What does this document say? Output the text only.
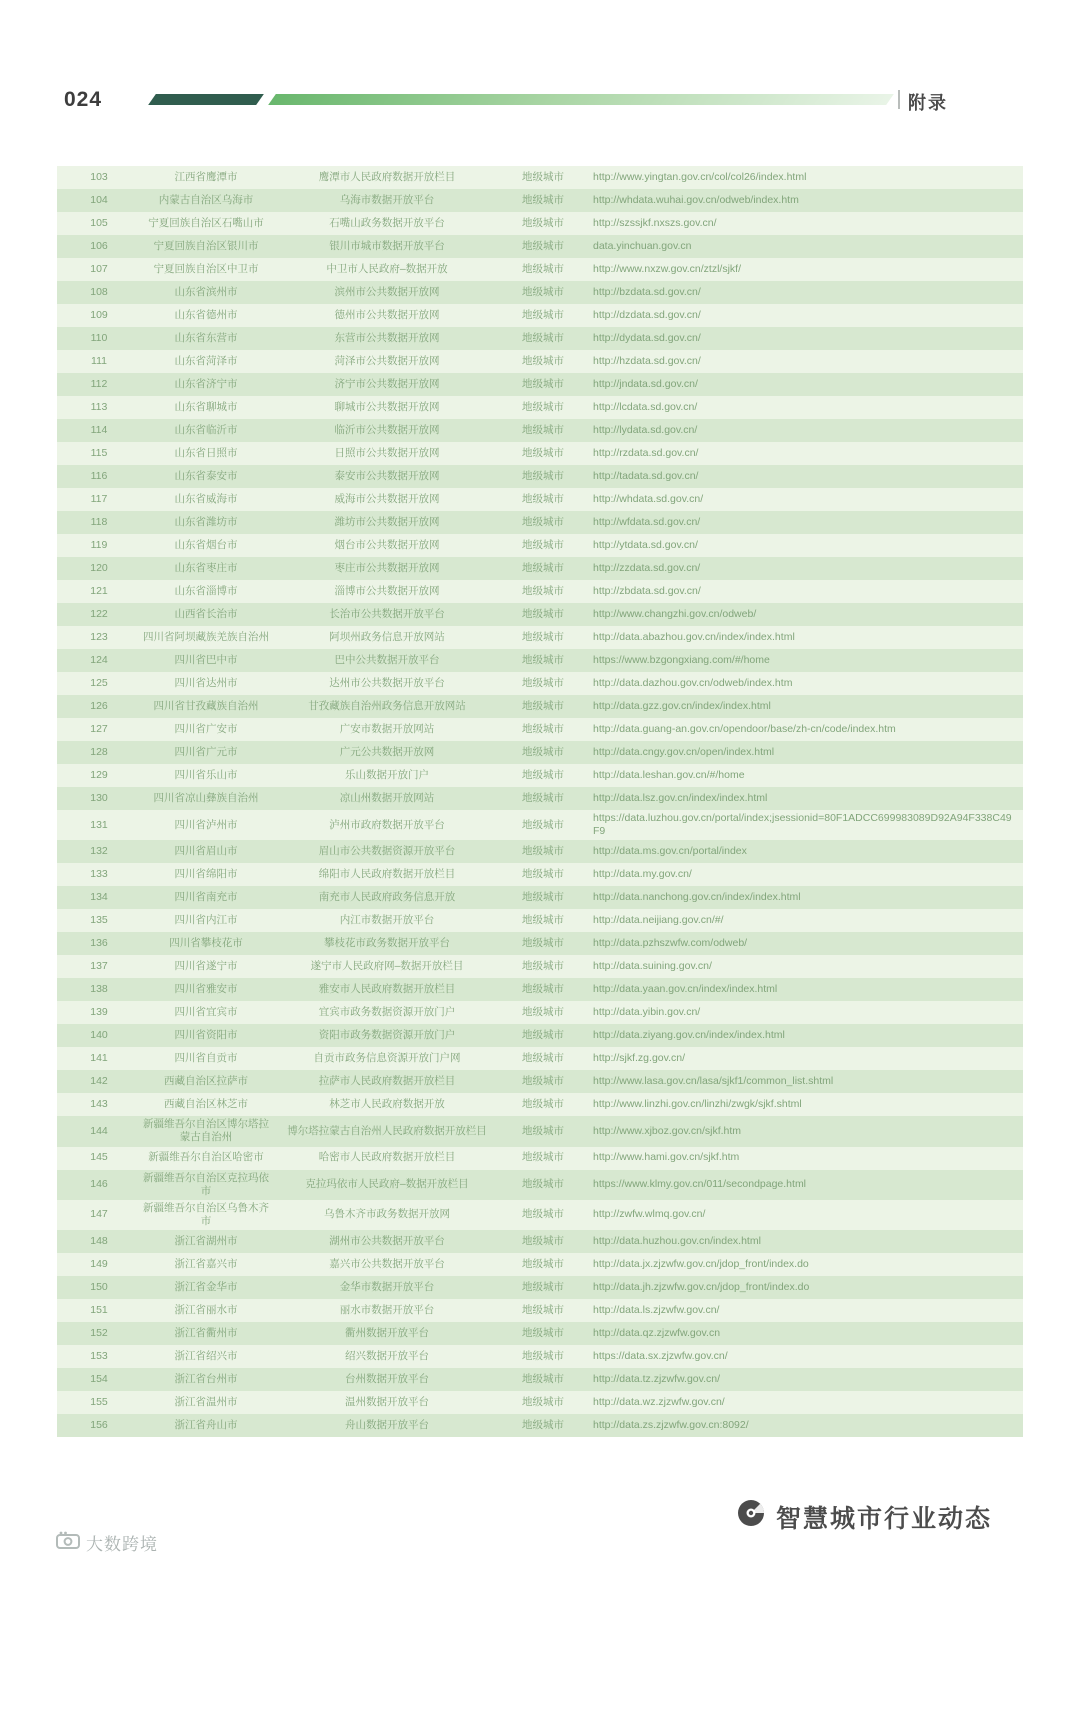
024	附录
103	江西省鹰潭市	鹰潭市人民政府数据开放栏目	地级城市	http://www.yingtan.gov.cn/col/col26/index.html
104	内蒙古自治区乌海市	乌海市数据开放平台	地级城市	http://whdata.wuhai.gov.cn/odweb/index.htm
105	宁夏回族自治区石嘴山市	石嘴山政务数据开放平台	地级城市	http://szssjkf.nxszs.gov.cn/
106	宁夏回族自治区银川市	银川市城市数据开放平台	地级城市	data.yinchuan.gov.cn
107	宁夏回族自治区中卫市	中卫市人民政府–数据开放	地级城市	http://www.nxzw.gov.cn/ztzl/sjkf/
108	山东省滨州市	滨州市公共数据开放网	地级城市	http://bzdata.sd.gov.cn/
109	山东省德州市	德州市公共数据开放网	地级城市	http://dzdata.sd.gov.cn/
110	山东省东营市	东营市公共数据开放网	地级城市	http://dydata.sd.gov.cn/
111	山东省菏泽市	菏泽市公共数据开放网	地级城市	http://hzdata.sd.gov.cn/
112	山东省济宁市	济宁市公共数据开放网	地级城市	http://jndata.sd.gov.cn/
113	山东省聊城市	聊城市公共数据开放网	地级城市	http://lcdata.sd.gov.cn/
114	山东省临沂市	临沂市公共数据开放网	地级城市	http://lydata.sd.gov.cn/
115	山东省日照市	日照市公共数据开放网	地级城市	http://rzdata.sd.gov.cn/
116	山东省泰安市	泰安市公共数据开放网	地级城市	http://tadata.sd.gov.cn/
117	山东省威海市	威海市公共数据开放网	地级城市	http://whdata.sd.gov.cn/
118	山东省潍坊市	潍坊市公共数据开放网	地级城市	http://wfdata.sd.gov.cn/
119	山东省烟台市	烟台市公共数据开放网	地级城市	http://ytdata.sd.gov.cn/
120	山东省枣庄市	枣庄市公共数据开放网	地级城市	http://zzdata.sd.gov.cn/
121	山东省淄博市	淄博市公共数据开放网	地级城市	http://zbdata.sd.gov.cn/
122	山西省长治市	长治市公共数据开放平台	地级城市	http://www.changzhi.gov.cn/odweb/
123	四川省阿坝藏族羌族自治州	阿坝州政务信息开放网站	地级城市	http://data.abazhou.gov.cn/index/index.html
124	四川省巴中市	巴中公共数据开放平台	地级城市	https://www.bzgongxiang.com/#/home
125	四川省达州市	达州市公共数据开放平台	地级城市	http://data.dazhou.gov.cn/odweb/index.htm
126	四川省甘孜藏族自治州	甘孜藏族自治州政务信息开放网站	地级城市	http://data.gzz.gov.cn/index/index.html
127	四川省广安市	广安市数据开放网站	地级城市	http://data.guang-an.gov.cn/opendoor/base/zh-cn/code/index.htm
128	四川省广元市	广元公共数据开放网	地级城市	http://data.cngy.gov.cn/open/index.html
129	四川省乐山市	乐山数据开放门户	地级城市	http://data.leshan.gov.cn/#/home
130	四川省凉山彝族自治州	凉山州数据开放网站	地级城市	http://data.lsz.gov.cn/index/index.html
131	四川省泸州市	泸州市政府数据开放平台	地级城市	https://data.luzhou.gov.cn/portal/index;jsessionid=80F1ADCC699983089D92A94F338C49F9
132	四川省眉山市	眉山市公共数据资源开放平台	地级城市	http://data.ms.gov.cn/portal/index
133	四川省绵阳市	绵阳市人民政府数据开放栏目	地级城市	http://data.my.gov.cn/
134	四川省南充市	南充市人民政府政务信息开放	地级城市	http://data.nanchong.gov.cn/index/index.html
135	四川省内江市	内江市数据开放平台	地级城市	http://data.neijiang.gov.cn/#/
136	四川省攀枝花市	攀枝花市政务数据开放平台	地级城市	http://data.pzhszwfw.com/odweb/
137	四川省遂宁市	遂宁市人民政府网–数据开放栏目	地级城市	http://data.suining.gov.cn/
138	四川省雅安市	雅安市人民政府数据开放栏目	地级城市	http://data.yaan.gov.cn/index/index.html
139	四川省宜宾市	宜宾市政务数据资源开放门户	地级城市	http://data.yibin.gov.cn/
140	四川省资阳市	资阳市政务数据资源开放门户	地级城市	http://data.ziyang.gov.cn/index/index.html
141	四川省自贡市	自贡市政务信息资源开放门户网	地级城市	http://sjkf.zg.gov.cn/
142	西藏自治区拉萨市	拉萨市人民政府数据开放栏目	地级城市	http://www.lasa.gov.cn/lasa/sjkf1/common_list.shtml
143	西藏自治区林芝市	林芝市人民政府数据开放	地级城市	http://www.linzhi.gov.cn/linzhi/zwgk/sjkf.shtml
144	新疆维吾尔自治区博尔塔拉蒙古自治州	博尔塔拉蒙古自治州人民政府数据开放栏目	地级城市	http://www.xjboz.gov.cn/sjkf.htm
145	新疆维吾尔自治区哈密市	哈密市人民政府数据开放栏目	地级城市	http://www.hami.gov.cn/sjkf.htm
146	新疆维吾尔自治区克拉玛依市	克拉玛依市人民政府–数据开放栏目	地级城市	https://www.klmy.gov.cn/011/secondpage.html
147	新疆维吾尔自治区乌鲁木齐市	乌鲁木齐市政务数据开放网	地级城市	http://zwfw.wlmq.gov.cn/
148	浙江省湖州市	湖州市公共数据开放平台	地级城市	http://data.huzhou.gov.cn/index.html
149	浙江省嘉兴市	嘉兴市公共数据开放平台	地级城市	http://data.jx.zjzwfw.gov.cn/jdop_front/index.do
150	浙江省金华市	金华市数据开放平台	地级城市	http://data.jh.zjzwfw.gov.cn/jdop_front/index.do
151	浙江省丽水市	丽水市数据开放平台	地级城市	http://data.ls.zjzwfw.gov.cn/
152	浙江省衢州市	衢州数据开放平台	地级城市	http://data.qz.zjzwfw.gov.cn
153	浙江省绍兴市	绍兴数据开放平台	地级城市	https://data.sx.zjzwfw.gov.cn/
154	浙江省台州市	台州数据开放平台	地级城市	http://data.tz.zjzwfw.gov.cn/
155	浙江省温州市	温州数据开放平台	地级城市	http://data.wz.zjzwfw.gov.cn/
156	浙江省舟山市	舟山数据开放平台	地级城市	http://data.zs.zjzwfw.gov.cn:8092/
大数跨境
智慧城市行业动态
